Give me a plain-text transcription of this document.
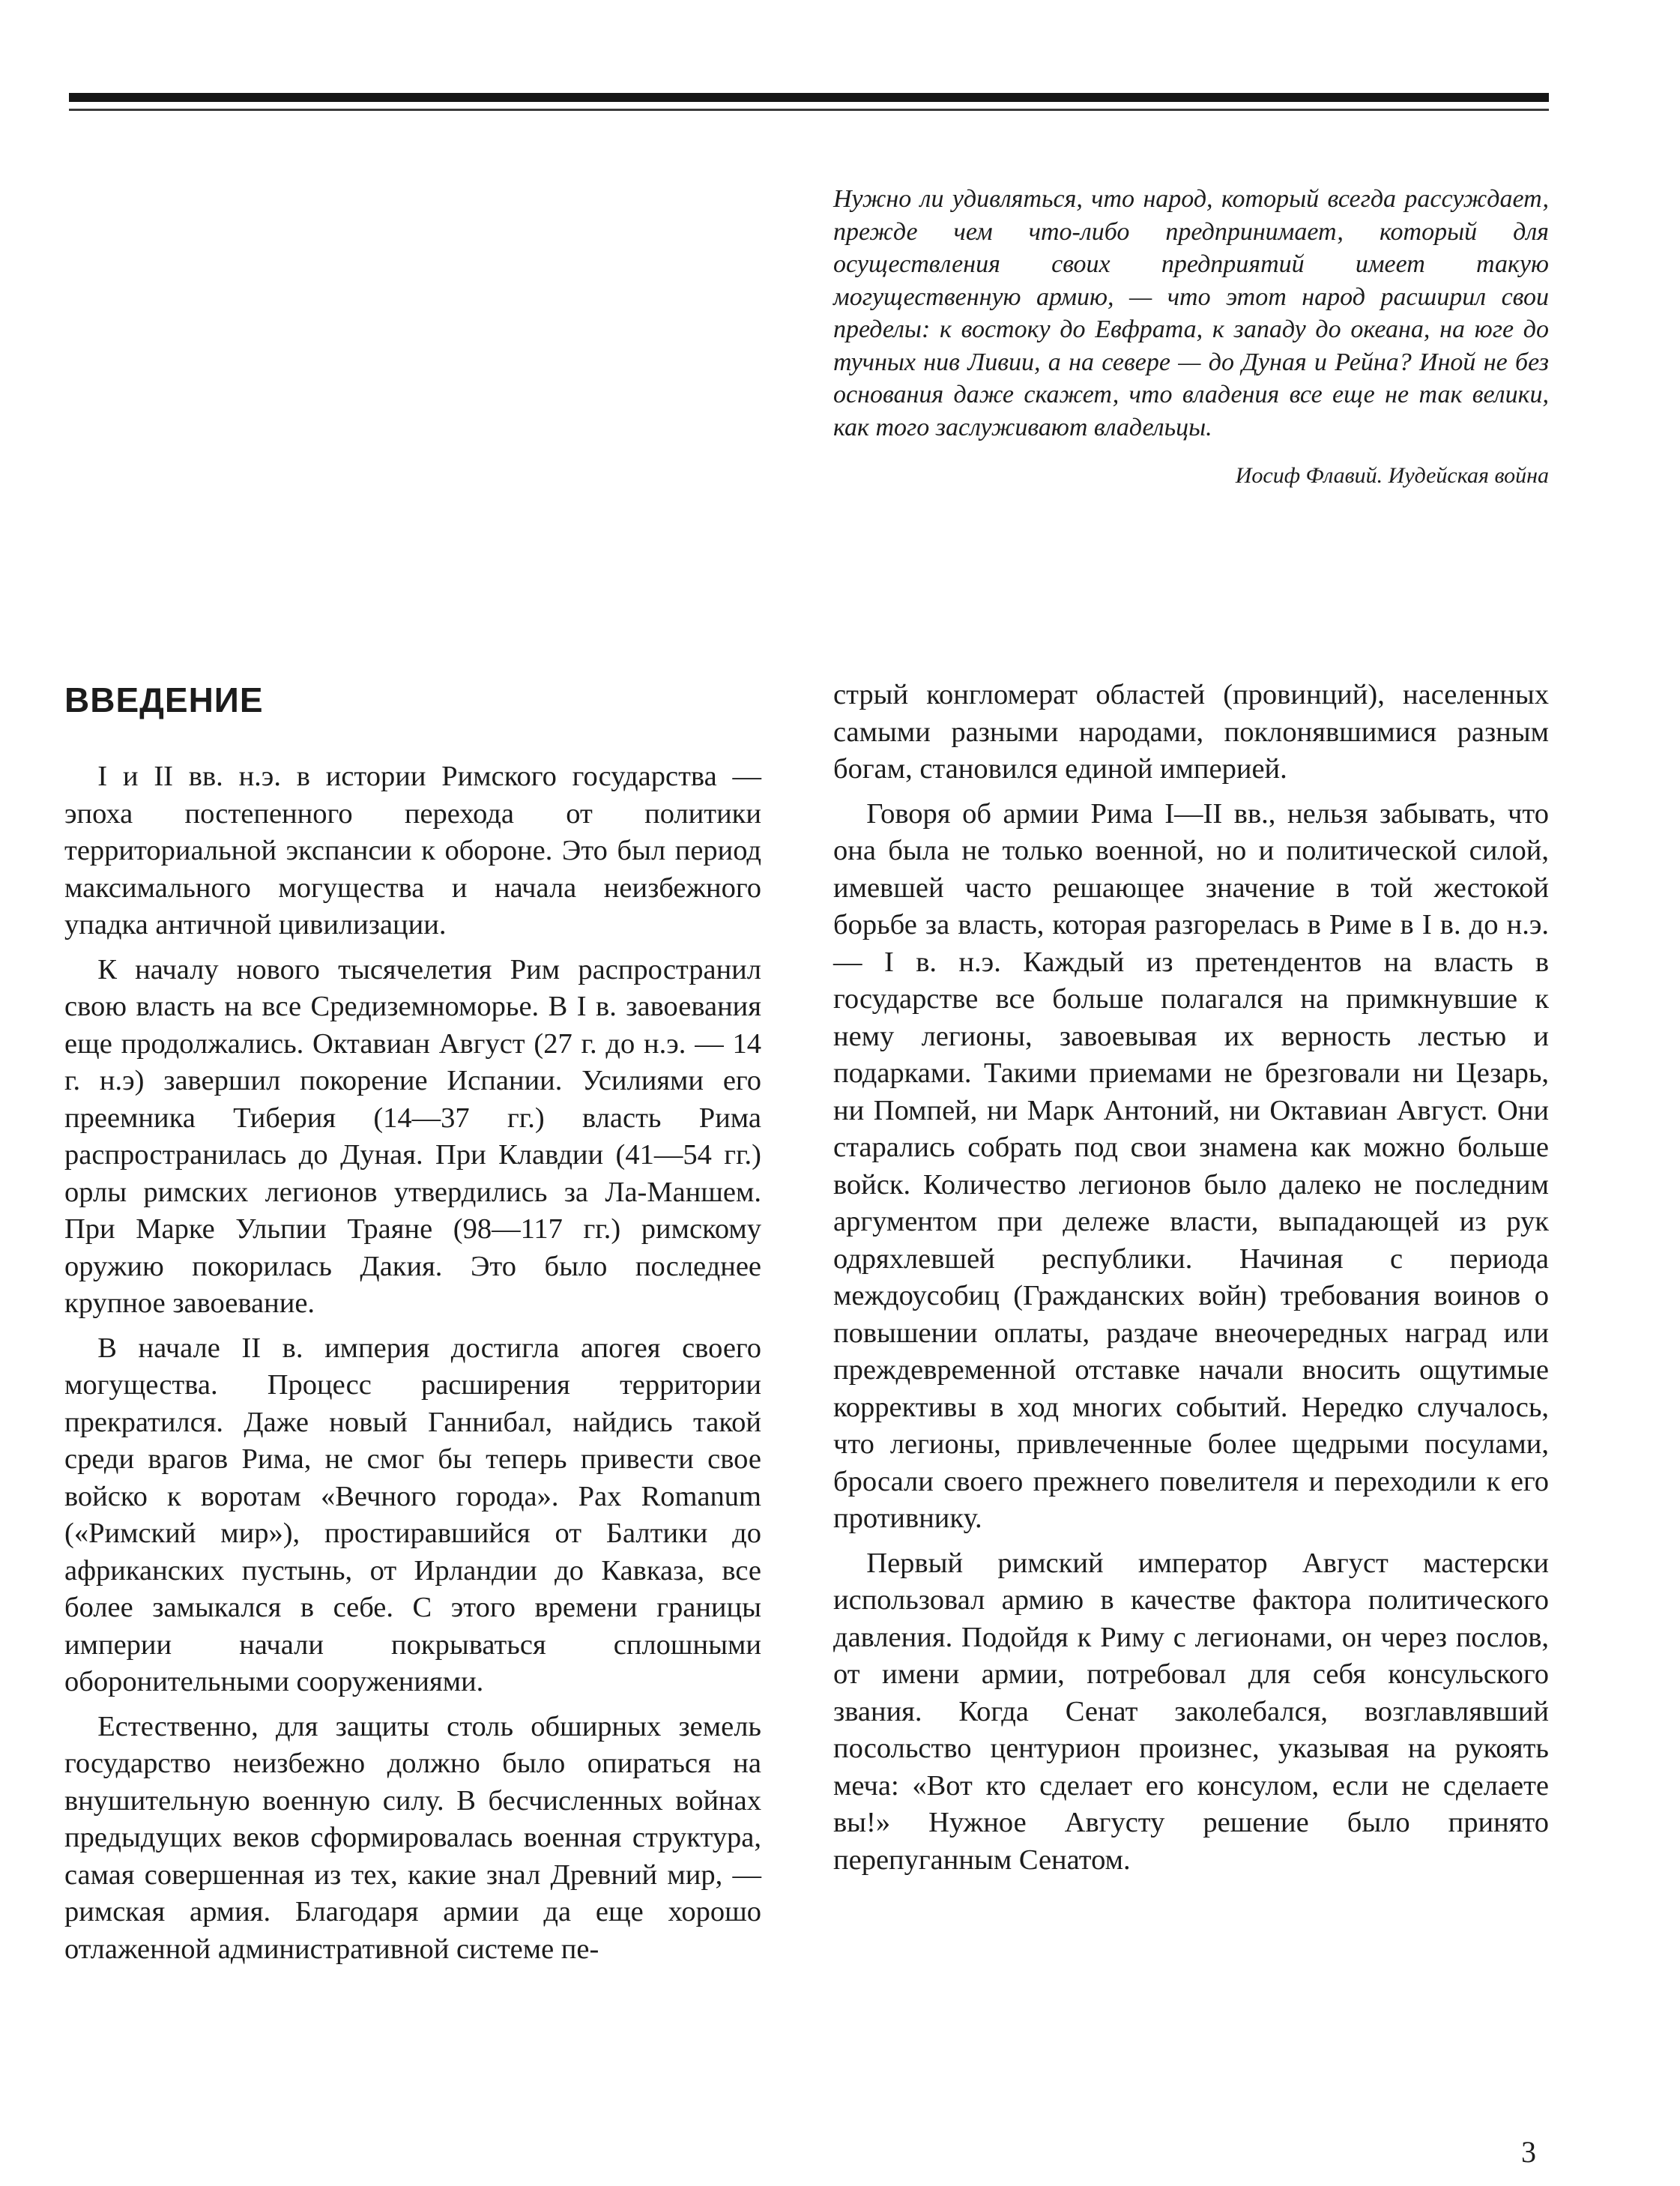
Нужно ли удивляться, что народ, который всегда рассуждает, прежде чем что-либо предпринимает, который для осуществления своих предприятий имеет такую могущественную армию, — что этот народ расширил свои пределы: к востоку до Евфрата, к западу до океана, на юге до тучных нив Ливии, а на севере — до Дуная и Рейна? Иной не без основания даже скажет, что владения все еще не так велики, как того заслуживают владельцы.

Иосиф Флавий. Иудейская война
ВВЕДЕНИЕ

I и II вв. н.э. в истории Римского государства — эпоха постепенного перехода от политики территориальной экспансии к обороне. Это был период максимального могущества и начала неизбежного упадка античной цивилизации.

К началу нового тысячелетия Рим распространил свою власть на все Средиземноморье. В I в. завоевания еще продолжались. Октавиан Август (27 г. до н.э. — 14 г. н.э) завершил покорение Испании. Усилиями его преемника Тиберия (14—37 гг.) власть Рима распространилась до Дуная. При Клавдии (41—54 гг.) орлы римских легионов утвердились за Ла-Маншем. При Марке Ульпии Траяне (98—117 гг.) римскому оружию покорилась Дакия. Это было последнее крупное завоевание.

В начале II в. империя достигла апогея своего могущества. Процесс расширения территории прекратился. Даже новый Ганнибал, найдись такой среди врагов Рима, не смог бы теперь привести свое войско к воротам «Вечного города». Pax Romanum («Римский мир»), простиравшийся от Балтики до африканских пустынь, от Ирландии до Кавказа, все более замыкался в себе. С этого времени границы империи начали покрываться сплошными оборонительными сооружениями.

Естественно, для защиты столь обширных земель государство неизбежно должно было опираться на внушительную военную силу. В бесчисленных войнах предыдущих веков сформировалась военная структура, самая совершенная из тех, какие знал Древний мир, — римская армия. Благодаря армии да еще хорошо отлаженной административной системе пе-

стрый конгломерат областей (провинций), населенных самыми разными народами, поклонявшимися разным богам, становился единой империей.

Говоря об армии Рима I—II вв., нельзя забывать, что она была не только военной, но и политической силой, имевшей часто решающее значение в той жестокой борьбе за власть, которая разгорелась в Риме в I в. до н.э.— I в. н.э. Каждый из претендентов на власть в государстве все больше полагался на примкнувшие к нему легионы, завоевывая их верность лестью и подарками. Такими приемами не брезговали ни Цезарь, ни Помпей, ни Марк Антоний, ни Октавиан Август. Они старались собрать под свои знамена как можно больше войск. Количество легионов было далеко не последним аргументом при дележе власти, выпадающей из рук одряхлевшей республики. Начиная с периода междоусобиц (Гражданских войн) требования воинов о повышении оплаты, раздаче внеочередных наград или преждевременной отставке начали вносить ощутимые коррективы в ход многих событий. Нередко случалось, что легионы, привлеченные более щедрыми посулами, бросали своего прежнего повелителя и переходили к его противнику.

Первый римский император Август мастерски использовал армию в качестве фактора политического давления. Подойдя к Риму с легионами, он через послов, от имени армии, потребовал для себя консульского звания. Когда Сенат заколебался, возглавлявший посольство центурион произнес, указывая на рукоять меча: «Вот кто сделает его консулом, если не сделаете вы!» Нужное Августу решение было принято перепуганным Сенатом.

3
